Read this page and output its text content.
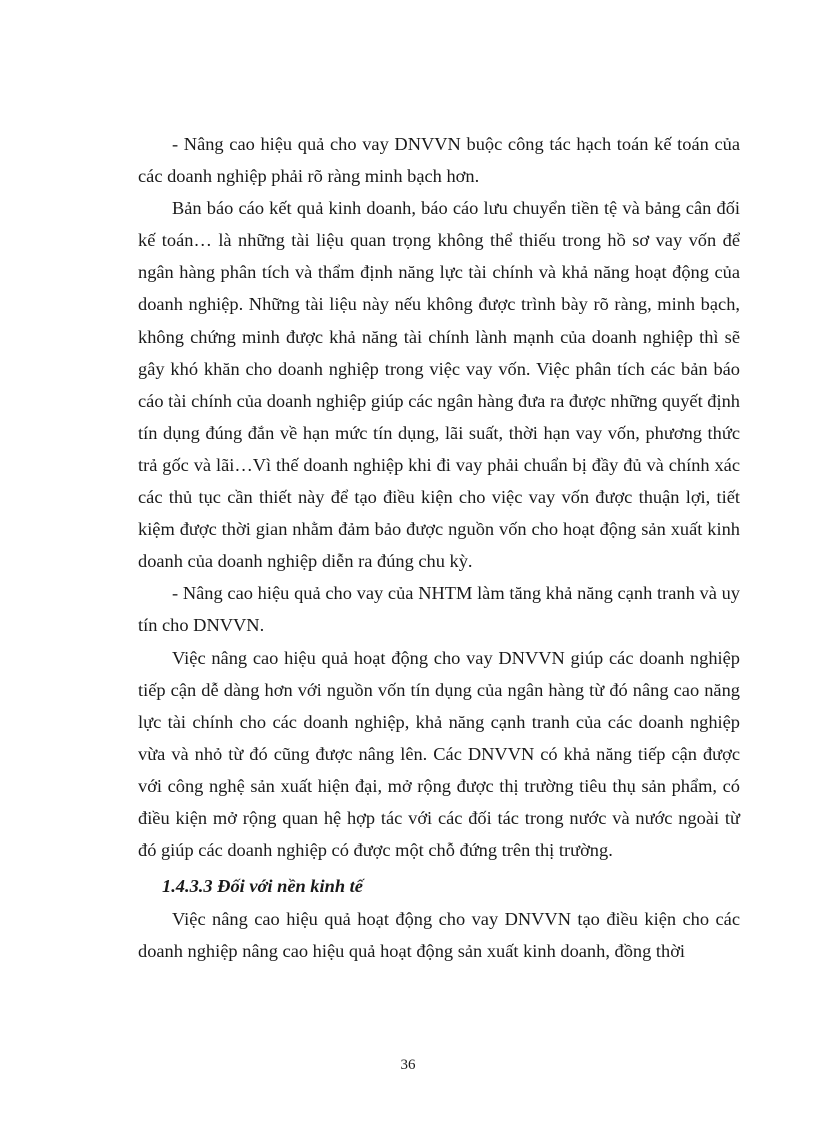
- Nâng cao hiệu quả cho vay DNVVN buộc công tác hạch toán kế toán của các doanh nghiệp phải rõ ràng minh bạch hơn.

Bản báo cáo kết quả kinh doanh, báo cáo lưu chuyển tiền tệ và bảng cân đối kế toán… là những tài liệu quan trọng không thể thiếu trong hồ sơ vay vốn để ngân hàng phân tích và thẩm định năng lực tài chính và khả năng hoạt động của doanh nghiệp. Những tài liệu này nếu không được trình bày rõ ràng, minh bạch, không chứng minh được khả năng tài chính lành mạnh của doanh nghiệp thì sẽ gây khó khăn cho doanh nghiệp trong việc vay vốn. Việc phân tích các bản báo cáo tài chính của doanh nghiệp giúp các ngân hàng đưa ra được những quyết định tín dụng đúng đắn về hạn mức tín dụng, lãi suất, thời hạn vay vốn, phương thức trả gốc và lãi…Vì thế doanh nghiệp khi đi vay phải chuẩn bị đầy đủ và chính xác các thủ tục cần thiết này để tạo điều kiện cho việc vay vốn được thuận lợi, tiết kiệm được thời gian nhằm đảm bảo được nguồn vốn cho hoạt động sản xuất kinh doanh của doanh nghiệp diễn ra đúng chu kỳ.

- Nâng cao hiệu quả cho vay của NHTM làm tăng khả năng cạnh tranh và uy tín cho DNVVN.

Việc nâng cao hiệu quả hoạt động cho vay DNVVN giúp các doanh nghiệp tiếp cận dễ dàng hơn với nguồn vốn tín dụng của ngân hàng từ đó nâng cao năng lực tài chính cho các doanh nghiệp, khả năng cạnh tranh của các doanh nghiệp vừa và nhỏ từ đó cũng được nâng lên. Các DNVVN có khả năng tiếp cận được với công nghệ sản xuất hiện đại, mở rộng được thị trường tiêu thụ sản phẩm, có điều kiện mở rộng quan hệ hợp tác với các đối tác trong nước và nước ngoài từ đó giúp các doanh nghiệp có được một chỗ đứng trên thị trường.

1.4.3.3 Đối với nền kinh tế

Việc nâng cao hiệu quả hoạt động cho vay DNVVN tạo điều kiện cho các doanh nghiệp nâng cao hiệu quả hoạt động sản xuất kinh doanh, đồng thời

36
